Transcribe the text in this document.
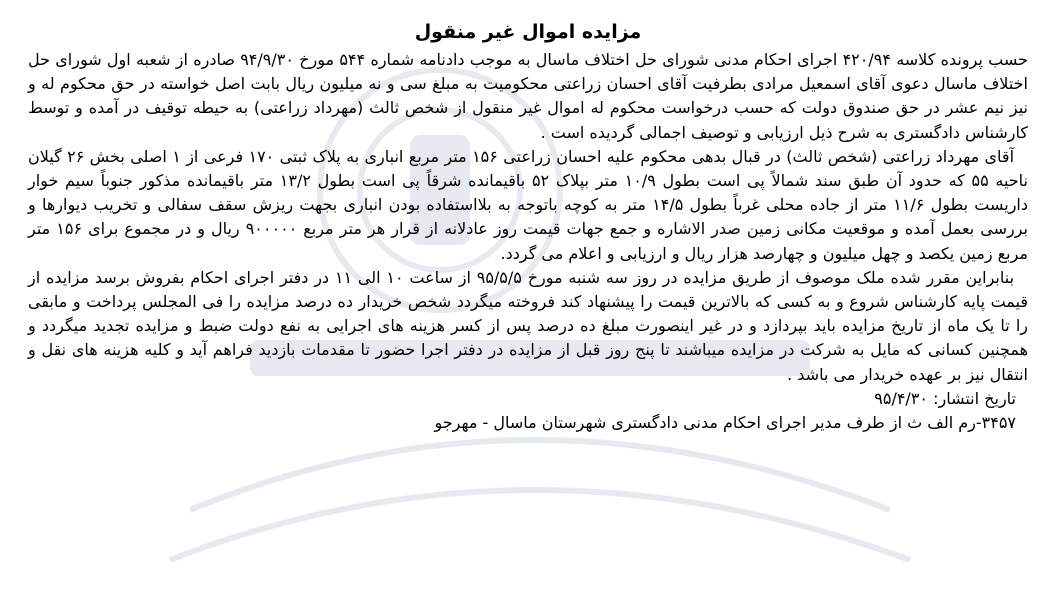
مزایده اموال غیر منقول

حسب پرونده کلاسه ۴۲۰/۹۴ اجرای احکام مدنی شورای حل اختلاف ماسال به موجب دادنامه شماره ۵۴۴ مورخ ۹۴/۹/۳۰ صادره از شعبه اول شورای حل اختلاف ماسال دعوی آقای اسمعیل مرادی بطرفیت آقای احسان زراعتی محکومیت به مبلغ سی و نه میلیون ریال بابت اصل خواسته در حق محکوم له و نیز نیم عشر در حق صندوق دولت که حسب درخواست محکوم له اموال غیر منقول از شخص ثالث (مهرداد زراعتی) به حیطه توقیف در آمده و توسط کارشناس دادگستری به شرح ذیل ارزیابی و توصیف اجمالی گردیده است .

آقای مهرداد زراعتی (شخص ثالث) در قبال بدهی محکوم علیه احسان زراعتی ۱۵۶ متر مربع انباری به پلاک ثبتی ۱۷۰ فرعی از ۱ اصلی بخش ۲۶ گیلان ناحیه ۵۵ که حدود آن طبق سند شمالاً پی است بطول ۱۰/۹ متر بپلاک ۵۲ باقیمانده شرقاً پی است بطول ۱۳/۲ متر باقیمانده مذکور جنوباً سیم خوار داریست بطول ۱۱/۶ متر از جاده محلی غرباً بطول ۱۴/۵ متر به کوچه باتوجه به بلااستفاده بودن انباری بجهت ریزش سقف سفالی و تخریب دیوارها و بررسی بعمل آمده و موقعیت مکانی زمین صدر الاشاره و جمع جهات قیمت روز عادلانه از قرار هر متر مربع ۹۰۰۰۰۰ ریال و در مجموع برای ۱۵۶ متر مربع زمین یکصد و چهل میلیون و چهارصد هزار ریال و ارزیابی و اعلام می گردد.

بنابراین مقرر شده ملک موصوف از طریق مزایده در روز سه شنبه مورخ ۹۵/۵/۵ از ساعت ۱۰ الی ۱۱ در دفتر اجرای احکام بفروش برسد مزایده از قیمت پایه کارشناس شروع و به کسی که بالاترین قیمت را پیشنهاد کند فروخته میگردد شخص خریدار ده درصد مزایده را فی المجلس پرداخت و مابقی را تا یک ماه از تاریخ مزایده باید بپردازد و در غیر اینصورت مبلغ ده درصد پس از کسر هزینه های اجرایی به نفع دولت ضبط و مزایده تجدید میگردد و همچنین کسانی که مایل به شرکت در مزایده میباشند تا پنج روز قبل از مزایده در دفتر اجرا حضور تا مقدمات بازدید فراهم آید و کلیه هزینه های نقل و انتقال نیز بر عهده خریدار می باشد .

تاریخ انتشار: ۹۵/۴/۳۰

۳۴۵۷-رم الف ث از طرف مدیر اجرای احکام مدنی دادگستری شهرستان ماسال - مهرجو
